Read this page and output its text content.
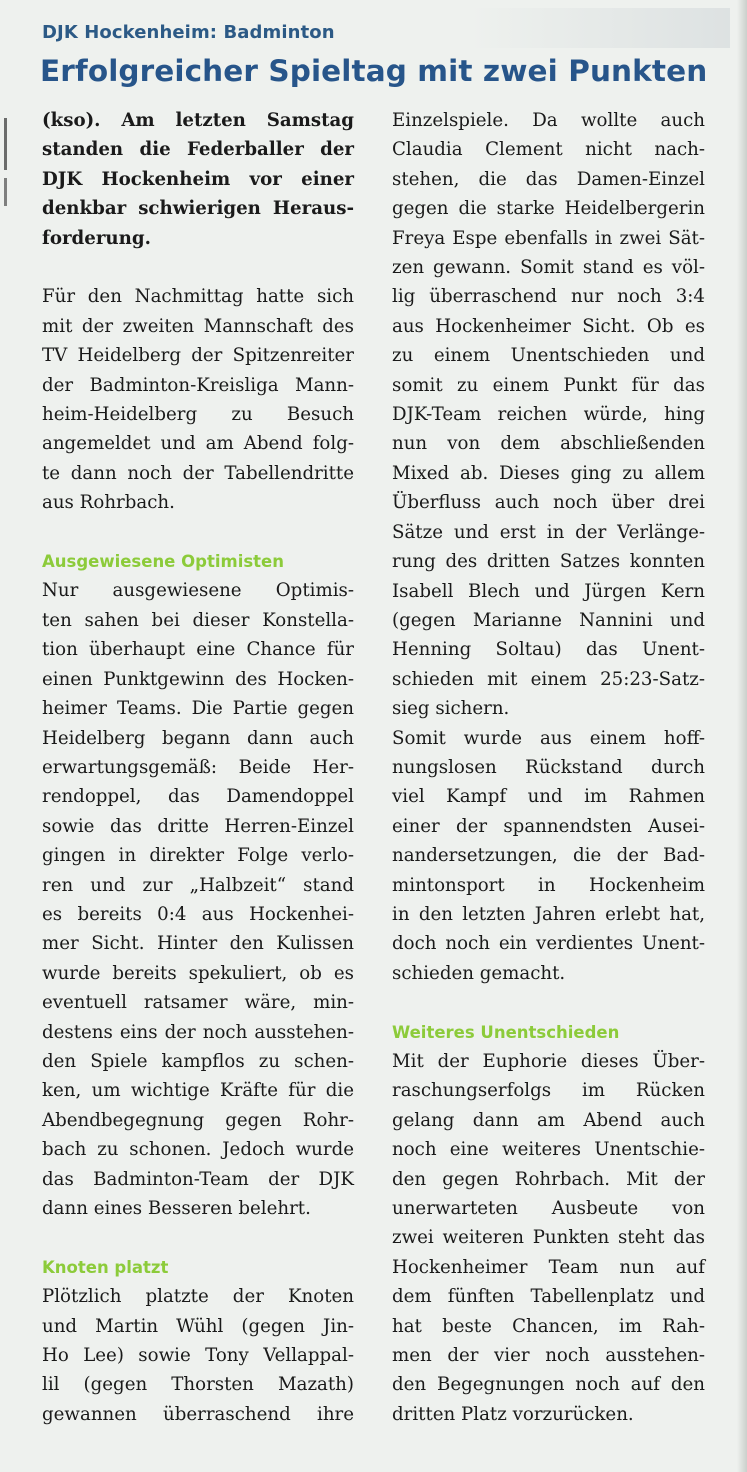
DJK Hockenheim: Badminton
Erfolgreicher Spieltag mit zwei Punkten
(kso). Am letzten Samstag
standen die Federballer der
DJK Hockenheim vor einer
denkbar schwierigen Heraus-
forderung.
Für den Nachmittag hatte sich
mit der zweiten Mannschaft des
TV Heidelberg der Spitzenreiter
der Badminton-Kreisliga Mann-
heim-Heidelberg zu Besuch
angemeldet und am Abend folg-
te dann noch der Tabellendritte
aus Rohrbach.
Ausgewiesene Optimisten
Nur ausgewiesene Optimis-
ten sahen bei dieser Konstella-
tion überhaupt eine Chance für
einen Punktgewinn des Hocken-
heimer Teams. Die Partie gegen
Heidelberg begann dann auch
erwartungsgemäß: Beide Her-
rendoppel, das Damendoppel
sowie das dritte Herren-Einzel
gingen in direkter Folge verlo-
ren und zur „Halbzeit“ stand
es bereits 0:4 aus Hockenhei-
mer Sicht. Hinter den Kulissen
wurde bereits spekuliert, ob es
eventuell ratsamer wäre, min-
destens eins der noch ausstehen-
den Spiele kampflos zu schen-
ken, um wichtige Kräfte für die
Abendbegegnung gegen Rohr-
bach zu schonen. Jedoch wurde
das Badminton-Team der DJK
dann eines Besseren belehrt.
Knoten platzt
Plötzlich platzte der Knoten
und Martin Wühl (gegen Jin-
Ho Lee) sowie Tony Vellappal-
lil (gegen Thorsten Mazath)
gewannen überraschend ihre
Einzelspiele. Da wollte auch
Claudia Clement nicht nach-
stehen, die das Damen-Einzel
gegen die starke Heidelbergerin
Freya Espe ebenfalls in zwei Sät-
zen gewann. Somit stand es völ-
lig überraschend nur noch 3:4
aus Hockenheimer Sicht. Ob es
zu einem Unentschieden und
somit zu einem Punkt für das
DJK-Team reichen würde, hing
nun von dem abschließenden
Mixed ab. Dieses ging zu allem
Überfluss auch noch über drei
Sätze und erst in der Verlänge-
rung des dritten Satzes konnten
Isabell Blech und Jürgen Kern
(gegen Marianne Nannini und
Henning Soltau) das Unent-
schieden mit einem 25:23-Satz-
sieg sichern.
Somit wurde aus einem hoff-
nungslosen Rückstand durch
viel Kampf und im Rahmen
einer der spannendsten Ausei-
nandersetzungen, die der Bad-
mintonsport in Hockenheim
in den letzten Jahren erlebt hat,
doch noch ein verdientes Unent-
schieden gemacht.
Weiteres Unentschieden
Mit der Euphorie dieses Über-
raschungserfolgs im Rücken
gelang dann am Abend auch
noch eine weiteres Unentschie-
den gegen Rohrbach. Mit der
unerwarteten Ausbeute von
zwei weiteren Punkten steht das
Hockenheimer Team nun auf
dem fünften Tabellenplatz und
hat beste Chancen, im Rah-
men der vier noch ausstehen-
den Begegnungen noch auf den
dritten Platz vorzurücken.
